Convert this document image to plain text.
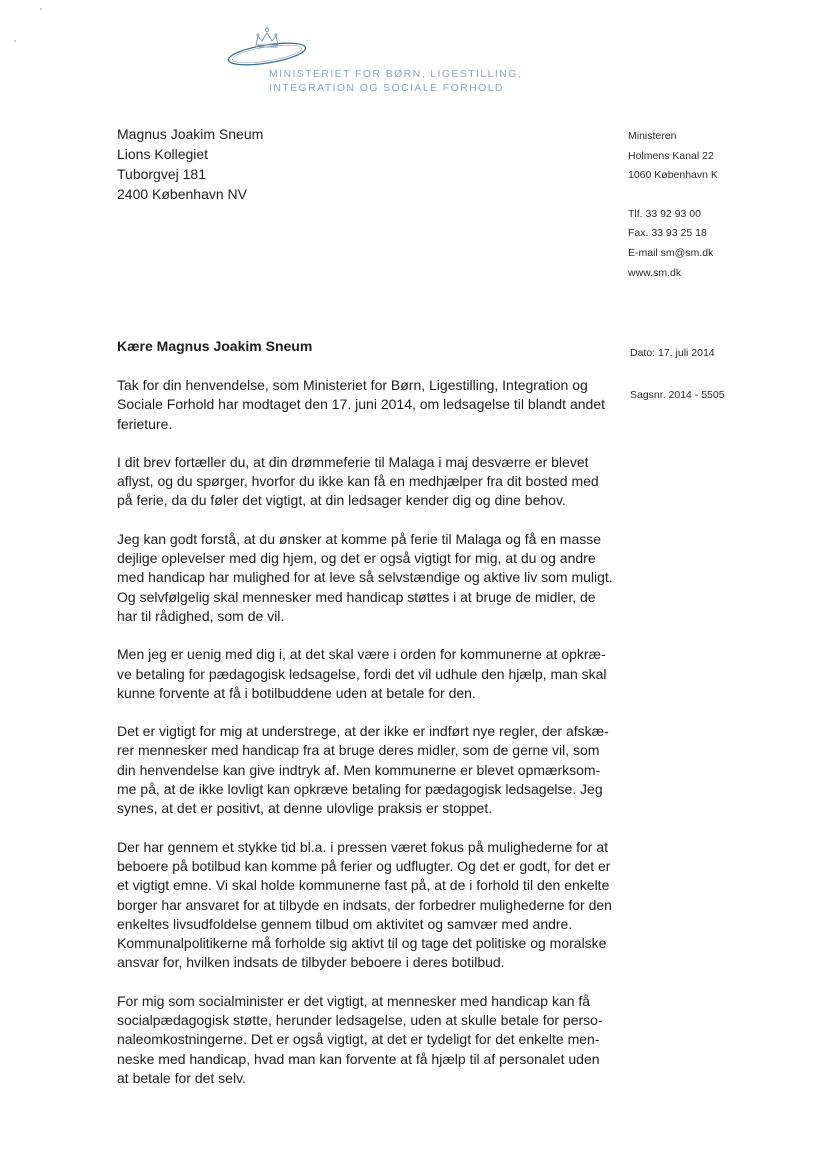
MINISTERIET FOR BØRN, LIGESTILLING,
INTEGRATION OG SOCIALE FORHOLD
Magnus Joakim Sneum
Lions Kollegiet
Tuborgvej 181
2400 København NV
Ministeren
Holmens Kanal 22
1060 København K
Tlf. 33 92 93 00
Fax. 33 93 25 18
E-mail sm@sm.dk
www.sm.dk
Dato: 17. juli 2014
Sagsnr. 2014 - 5505
Kære Magnus Joakim Sneum
Tak for din henvendelse, som Ministeriet for Børn, Ligestilling, Integration og
Sociale Forhold har modtaget den 17. juni 2014, om ledsagelse til blandt andet
ferieture.
I dit brev fortæller du, at din drømmeferie til Malaga i maj desværre er blevet
aflyst, og du spørger, hvorfor du ikke kan få en medhjælper fra dit bosted med
på ferie, da du føler det vigtigt, at din ledsager kender dig og dine behov.
Jeg kan godt forstå, at du ønsker at komme på ferie til Malaga og få en masse
dejlige oplevelser med dig hjem, og det er også vigtigt for mig, at du og andre
med handicap har mulighed for at leve så selvstændige og aktive liv som muligt.
Og selvfølgelig skal mennesker med handicap støttes i at bruge de midler, de
har til rådighed, som de vil.
Men jeg er uenig med dig i, at det skal være i orden for kommunerne at opkræ-
ve betaling for pædagogisk ledsagelse, fordi det vil udhule den hjælp, man skal
kunne forvente at få i botilbuddene uden at betale for den.
Det er vigtigt for mig at understrege, at der ikke er indført nye regler, der afskæ-
rer mennesker med handicap fra at bruge deres midler, som de gerne vil, som
din henvendelse kan give indtryk af. Men kommunerne er blevet opmærksom-
me på, at de ikke lovligt kan opkræve betaling for pædagogisk ledsagelse. Jeg
synes, at det er positivt, at denne ulovlige praksis er stoppet.
Der har gennem et stykke tid bl.a. i pressen været fokus på mulighederne for at
beboere på botilbud kan komme på ferier og udflugter. Og det er godt, for det er
et vigtigt emne. Vi skal holde kommunerne fast på, at de i forhold til den enkelte
borger har ansvaret for at tilbyde en indsats, der forbedrer mulighederne for den
enkeltes livsudfoldelse gennem tilbud om aktivitet og samvær med andre.
Kommunalpolitikerne må forholde sig aktivt til og tage det politiske og moralske
ansvar for, hvilken indsats de tilbyder beboere i deres botilbud.
For mig som socialminister er det vigtigt, at mennesker med handicap kan få
socialpædagogisk støtte, herunder ledsagelse, uden at skulle betale for perso-
naleomkostningerne. Det er også vigtigt, at det er tydeligt for det enkelte men-
neske med handicap, hvad man kan forvente at få hjælp til af personalet uden
at betale for det selv.
